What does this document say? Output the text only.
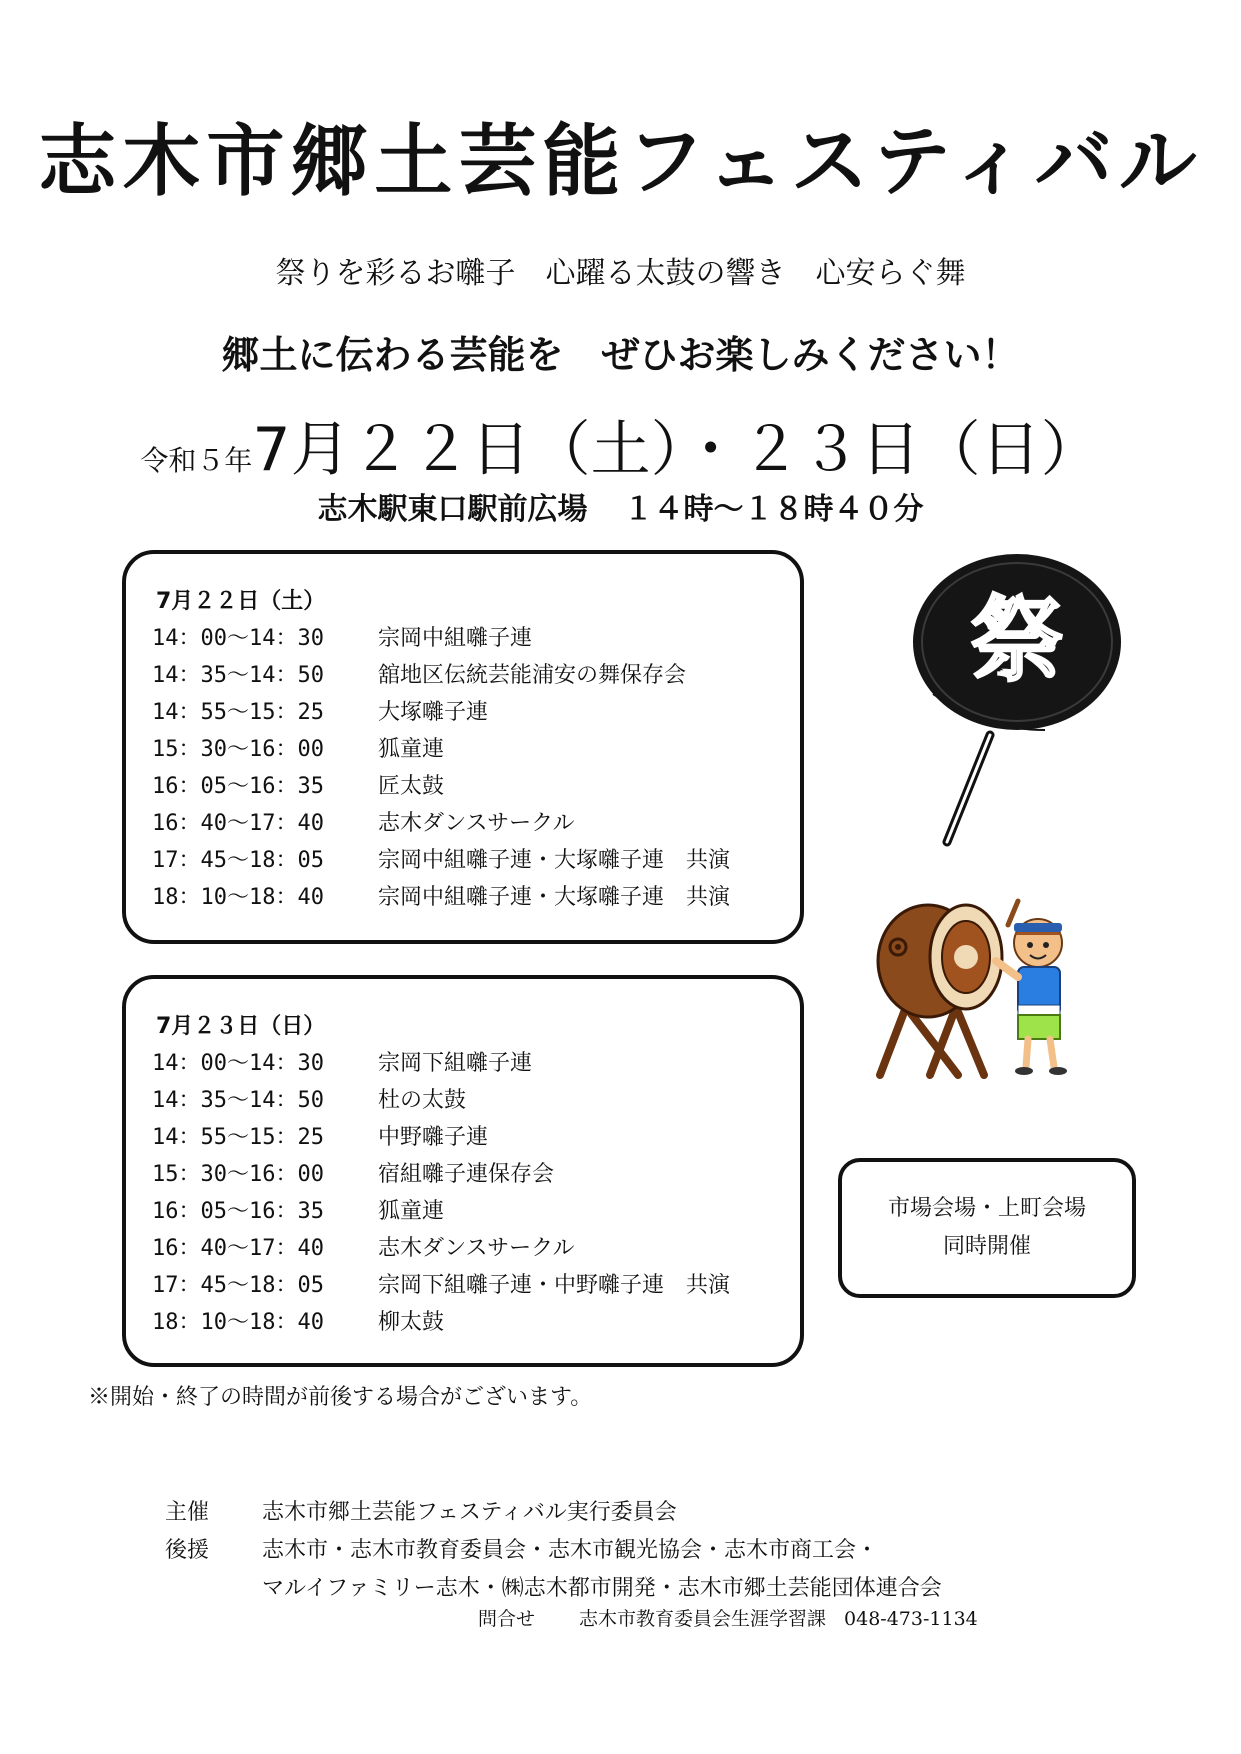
志木市郷土芸能フェスティバル
祭りを彩るお囃子　心躍る太鼓の響き　心安らぐ舞
郷土に伝わる芸能を　ぜひお楽しみください！
令和５年7月２２日（土）・２３日（日）
志木駅東口駅前広場 １４時〜１８時４０分
7月２２日（土）
14：00〜14：30 宗岡中組囃子連
14：35〜14：50 舘地区伝統芸能浦安の舞保存会
14：55〜15：25 大塚囃子連
15：30〜16：00 狐童連
16：05〜16：35 匠太鼓
16：40〜17：40 志木ダンスサークル
17：45〜18：05 宗岡中組囃子連・大塚囃子連　共演
18：10〜18：40 宗岡中組囃子連・大塚囃子連　共演
7月２３日（日）
14：00〜14：30 宗岡下組囃子連
14：35〜14：50 杜の太鼓
14：55〜15：25 中野囃子連
15：30〜16：00 宿組囃子連保存会
16：05〜16：35 狐童連
16：40〜17：40 志木ダンスサークル
17：45〜18：05 宗岡下組囃子連・中野囃子連　共演
18：10〜18：40 柳太鼓
祭
市場会場・上町会場
同時開催
※開始・終了の時間が前後する場合がございます。
主催 志木市郷土芸能フェスティバル実行委員会
後援 志木市・志木市教育委員会・志木市観光協会・志木市商工会・
マルイファミリー志木・㈱志木都市開発・志木市郷土芸能団体連合会
問合せ 志木市教育委員会生涯学習課 048-473-1134
